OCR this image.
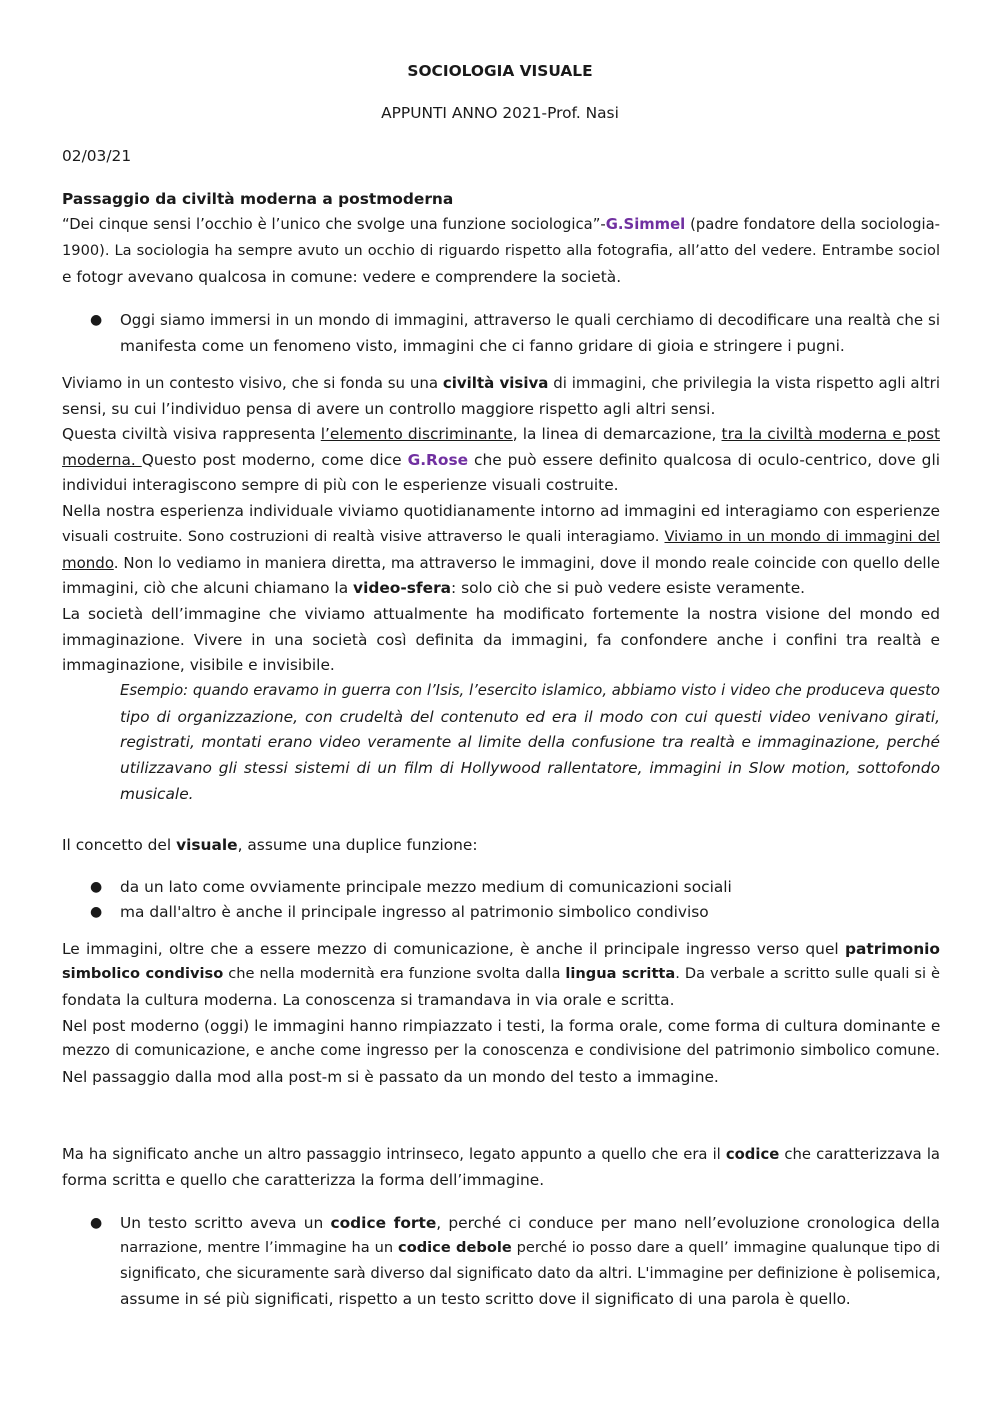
SOCIOLOGIA VISUALE
APPUNTI ANNO 2021-Prof. Nasi
02/03/21
Passaggio da civiltà moderna a postmoderna
“Dei cinque sensi l’occhio è l’unico che svolge una funzione sociologica”-G.Simmel (padre fondatore della sociologia-
1900). La sociologia ha sempre avuto un occhio di riguardo rispetto alla fotografia, all’atto del vedere. Entrambe sociol
e fotogr avevano qualcosa in comune: vedere e comprendere la società.
● Oggi siamo immersi in un mondo di immagini, attraverso le quali cerchiamo di decodificare una realtà che si
manifesta come un fenomeno visto, immagini che ci fanno gridare di gioia e stringere i pugni.
Viviamo in un contesto visivo, che si fonda su una civiltà visiva di immagini, che privilegia la vista rispetto agli altri
sensi, su cui l’individuo pensa di avere un controllo maggiore rispetto agli altri sensi.
Questa civiltà visiva rappresenta l’elemento discriminante, la linea di demarcazione, tra la civiltà moderna e post
moderna. Questo post moderno, come dice G.Rose che può essere definito qualcosa di oculo-centrico, dove gli
individui interagiscono sempre di più con le esperienze visuali costruite.
Nella nostra esperienza individuale viviamo quotidianamente intorno ad immagini ed interagiamo con esperienze
visuali costruite. Sono costruzioni di realtà visive attraverso le quali interagiamo. Viviamo in un mondo di immagini del
mondo. Non lo vediamo in maniera diretta, ma attraverso le immagini, dove il mondo reale coincide con quello delle
immagini, ciò che alcuni chiamano la video-sfera: solo ciò che si può vedere esiste veramente.
La società dell’immagine che viviamo attualmente ha modificato fortemente la nostra visione del mondo ed
immaginazione. Vivere in una società così definita da immagini, fa confondere anche i confini tra realtà e
immaginazione, visibile e invisibile.
Esempio: quando eravamo in guerra con l’Isis, l’esercito islamico, abbiamo visto i video che produceva questo
tipo di organizzazione, con crudeltà del contenuto ed era il modo con cui questi video venivano girati,
registrati, montati erano video veramente al limite della confusione tra realtà e immaginazione, perché
utilizzavano gli stessi sistemi di un film di Hollywood rallentatore, immagini in Slow motion, sottofondo
musicale.
Il concetto del visuale, assume una duplice funzione:
● da un lato come ovviamente principale mezzo medium di comunicazioni sociali
● ma dall'altro è anche il principale ingresso al patrimonio simbolico condiviso
Le immagini, oltre che a essere mezzo di comunicazione, è anche il principale ingresso verso quel patrimonio
simbolico condiviso che nella modernità era funzione svolta dalla lingua scritta. Da verbale a scritto sulle quali si è
fondata la cultura moderna. La conoscenza si tramandava in via orale e scritta.
Nel post moderno (oggi) le immagini hanno rimpiazzato i testi, la forma orale, come forma di cultura dominante e
mezzo di comunicazione, e anche come ingresso per la conoscenza e condivisione del patrimonio simbolico comune.
Nel passaggio dalla mod alla post-m si è passato da un mondo del testo a immagine.
Ma ha significato anche un altro passaggio intrinseco, legato appunto a quello che era il codice che caratterizzava la
forma scritta e quello che caratterizza la forma dell’immagine.
● Un testo scritto aveva un codice forte, perché ci conduce per mano nell’evoluzione cronologica della
narrazione, mentre l’immagine ha un codice debole perché io posso dare a quell’ immagine qualunque tipo di
significato, che sicuramente sarà diverso dal significato dato da altri. L'immagine per definizione è polisemica,
assume in sé più significati, rispetto a un testo scritto dove il significato di una parola è quello.
